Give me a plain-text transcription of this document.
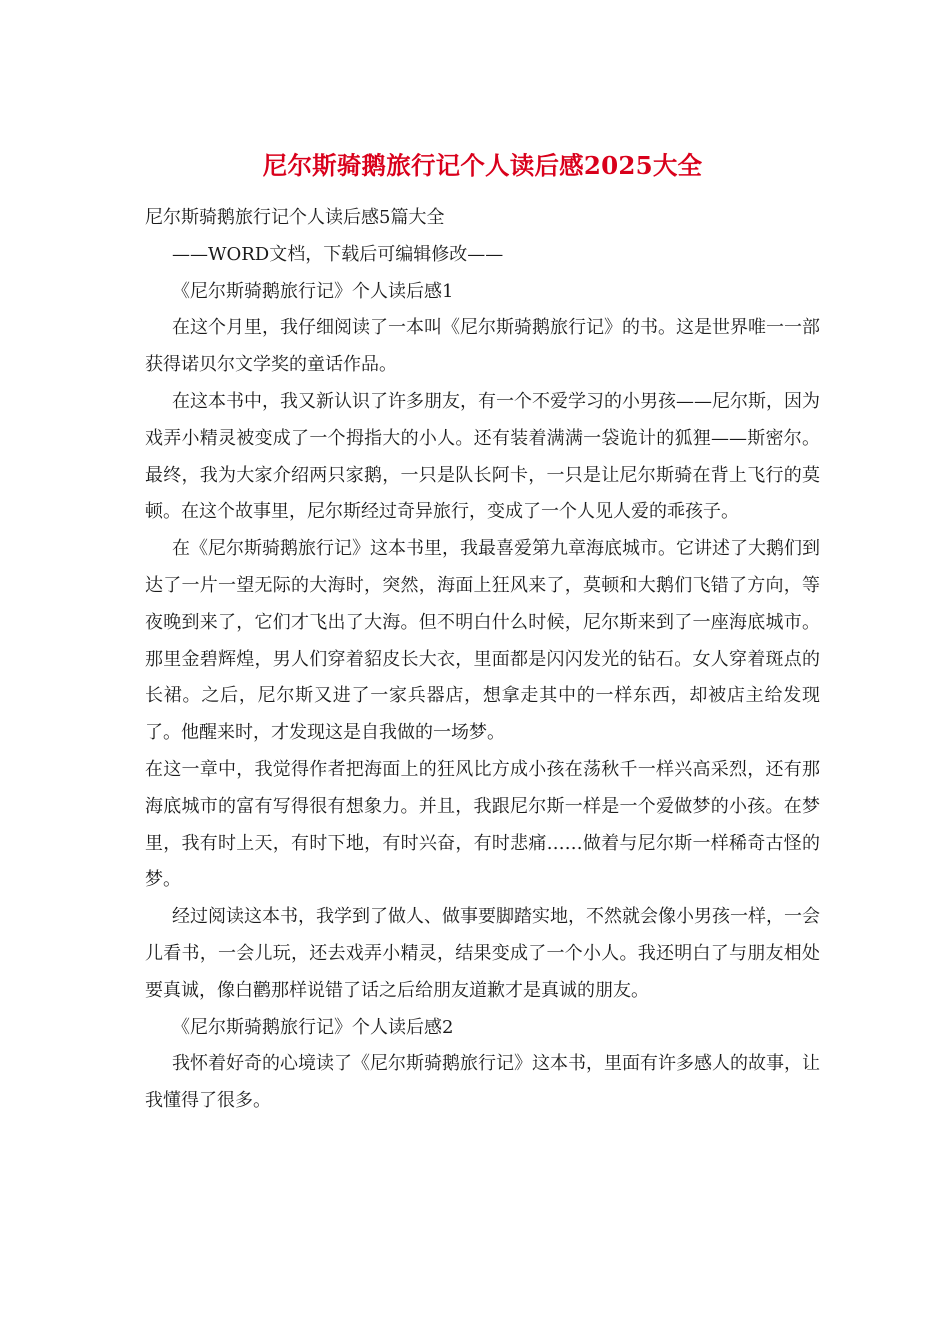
尼尔斯骑鹅旅行记个人读后感2025大全

尼尔斯骑鹅旅行记个人读后感5篇大全

——WORD文档，下载后可编辑修改——

《尼尔斯骑鹅旅行记》个人读后感1

在这个月里，我仔细阅读了一本叫《尼尔斯骑鹅旅行记》的书。这是世界唯一一部获得诺贝尔文学奖的童话作品。

在这本书中，我又新认识了许多朋友，有一个不爱学习的小男孩——尼尔斯，因为戏弄小精灵被变成了一个拇指大的小人。还有装着满满一袋诡计的狐狸——斯密尔。最终，我为大家介绍两只家鹅，一只是队长阿卡，一只是让尼尔斯骑在背上飞行的莫顿。在这个故事里，尼尔斯经过奇异旅行，变成了一个人见人爱的乖孩子。

在《尼尔斯骑鹅旅行记》这本书里，我最喜爱第九章海底城市。它讲述了大鹅们到达了一片一望无际的大海时，突然，海面上狂风来了，莫顿和大鹅们飞错了方向，等夜晚到来了，它们才飞出了大海。但不明白什么时候，尼尔斯来到了一座海底城市。那里金碧辉煌，男人们穿着貂皮长大衣，里面都是闪闪发光的钻石。女人穿着斑点的长裙。之后，尼尔斯又进了一家兵器店，想拿走其中的一样东西，却被店主给发现了。他醒来时，才发现这是自我做的一场梦。

在这一章中，我觉得作者把海面上的狂风比方成小孩在荡秋千一样兴高采烈，还有那海底城市的富有写得很有想象力。并且，我跟尼尔斯一样是一个爱做梦的小孩。在梦里，我有时上天，有时下地，有时兴奋，有时悲痛……做着与尼尔斯一样稀奇古怪的梦。

经过阅读这本书，我学到了做人、做事要脚踏实地，不然就会像小男孩一样，一会儿看书，一会儿玩，还去戏弄小精灵，结果变成了一个小人。我还明白了与朋友相处要真诚，像白鹳那样说错了话之后给朋友道歉才是真诚的朋友。

《尼尔斯骑鹅旅行记》个人读后感2

我怀着好奇的心境读了《尼尔斯骑鹅旅行记》这本书，里面有许多感人的故事，让我懂得了很多。
